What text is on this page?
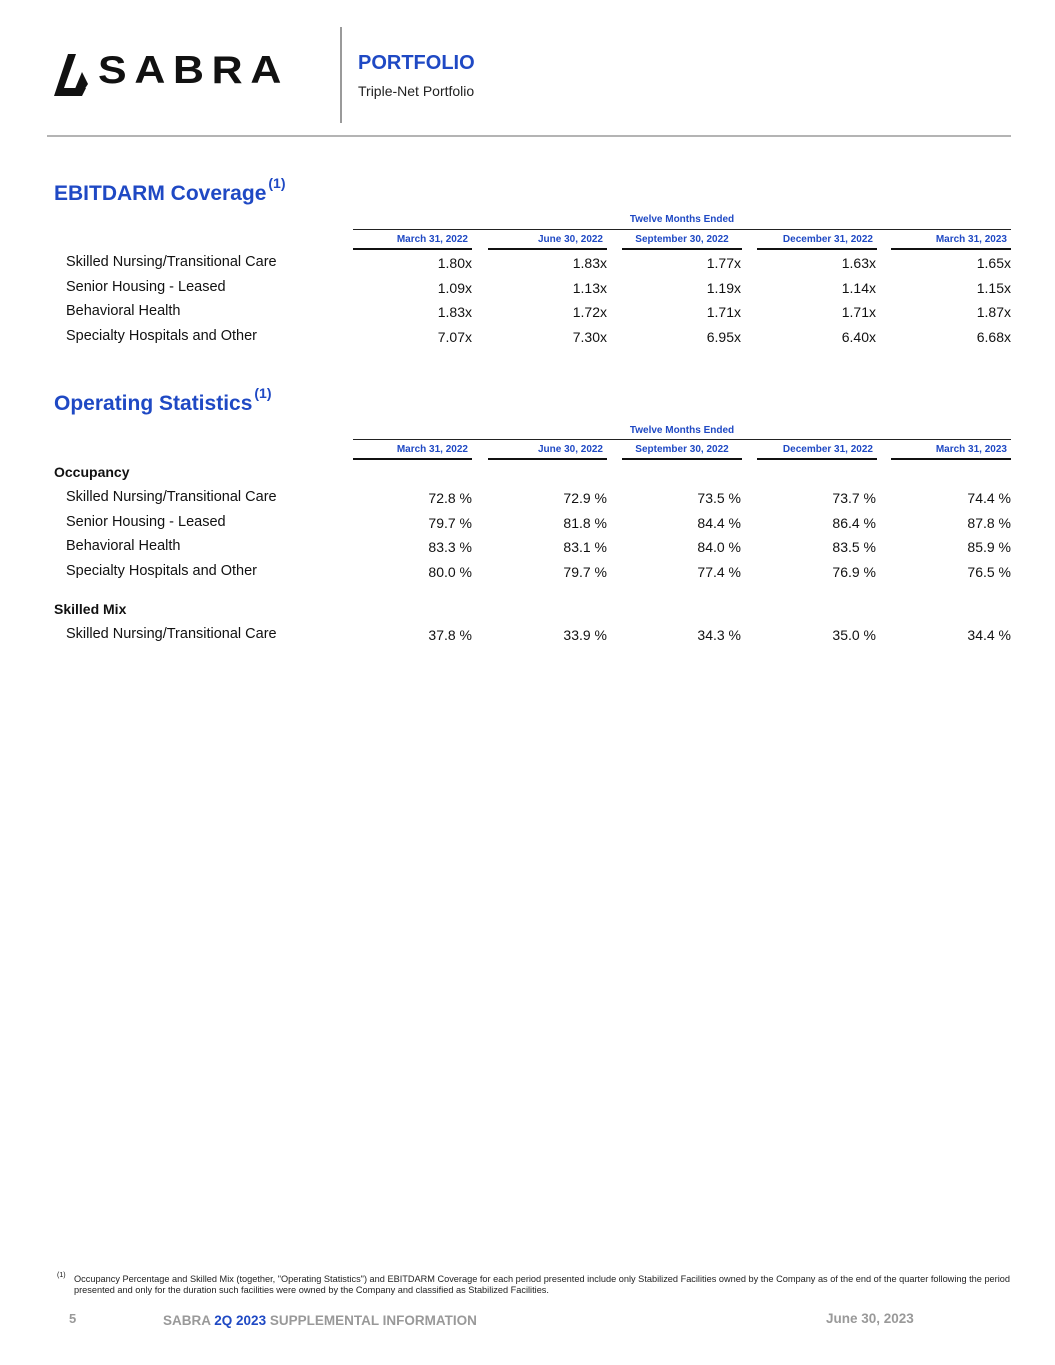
SABRA	PORTFOLIO
Triple-Net Portfolio
EBITDARM Coverage $^{(1)}$
Twelve Months Ended
March 31, 2022	June 30, 2022	September 30, 2022	December 31, 2022	March 31, 2023
Skilled Nursing/Transitional Care	1.80x	1.83x	1.77x	1.63x	1.65x
Senior Housing - Leased	1.09x	1.13x	1.19x	1.14x	1.15x
Behavioral Health	1.83x	1.72x	1.71x	1.71x	1.87x
Specialty Hospitals and Other	7.07x	7.30x	6.95x	6.40x	6.68x
Operating Statistics $^{(1)}$
Twelve Months Ended
March 31, 2022	June 30, 2022	September 30, 2022	December 31, 2022	March 31, 2023
Occupancy
Skilled Nursing/Transitional Care	72.8 %	72.9 %	73.5 %	73.7 %	74.4 %
Senior Housing - Leased	79.7 %	81.8 %	84.4 %	86.4 %	87.8 %
Behavioral Health	83.3 %	83.1 %	84.0 %	83.5 %	85.9 %
Specialty Hospitals and Other	80.0 %	79.7 %	77.4 %	76.9 %	76.5 %
Skilled Mix
Skilled Nursing/Transitional Care	37.8 %	33.9 %	34.3 %	35.0 %	34.4 %
(1) Occupancy Percentage and Skilled Mix (together, "Operating Statistics") and EBITDARM Coverage for each period presented include only Stabilized Facilities owned by the Company as of the end of the quarter following the period presented and only for the duration such facilities were owned by the Company and classified as Stabilized Facilities.
5	SABRA 2Q 2023 SUPPLEMENTAL INFORMATION	June 30, 2023
